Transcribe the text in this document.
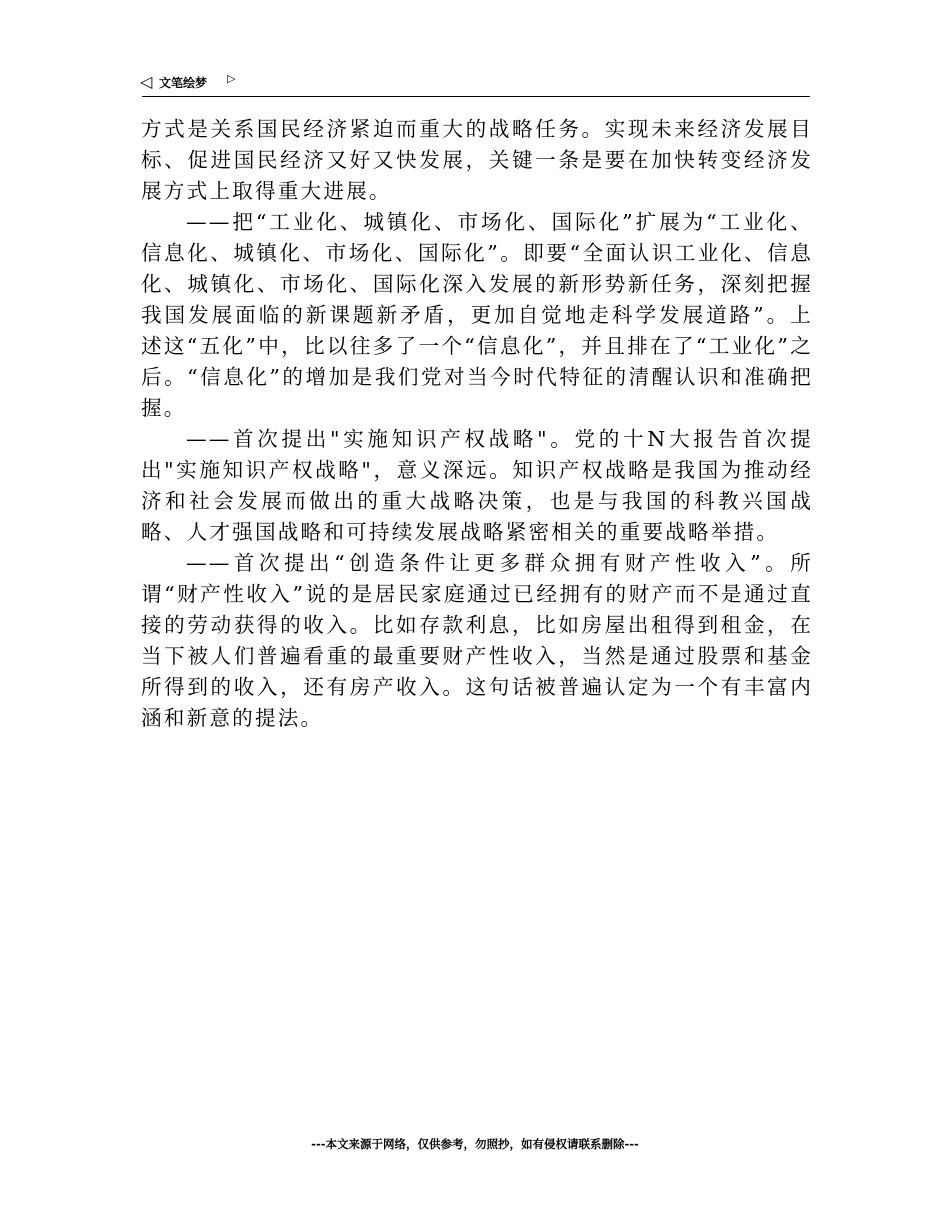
◁ 文笔绘梦 ▷

方式是关系国民经济紧迫而重大的战略任务。实现未来经济发展目标、促进国民经济又好又快发展，关键一条是要在加快转变经济发展方式上取得重大进展。

——把“工业化、城镇化、市场化、国际化”扩展为“工业化、信息化、城镇化、市场化、国际化”。即要“全面认识工业化、信息化、城镇化、市场化、国际化深入发展的新形势新任务，深刻把握我国发展面临的新课题新矛盾，更加自觉地走科学发展道路”。上述这“五化”中，比以往多了一个“信息化”，并且排在了“工业化”之后。“信息化”的增加是我们党对当今时代特征的清醒认识和准确把握。

——首次提出"实施知识产权战略"。党的十N大报告首次提出"实施知识产权战略"，意义深远。知识产权战略是我国为推动经济和社会发展而做出的重大战略决策，也是与我国的科教兴国战略、人才强国战略和可持续发展战略紧密相关的重要战略举措。

——首次提出“创造条件让更多群众拥有财产性收入”。所谓“财产性收入”说的是居民家庭通过已经拥有的财产而不是通过直接的劳动获得的收入。比如存款利息，比如房屋出租得到租金，在当下被人们普遍看重的最重要财产性收入，当然是通过股票和基金所得到的收入，还有房产收入。这句话被普遍认定为一个有丰富内涵和新意的提法。

---本文来源于网络，仅供参考，勿照抄，如有侵权请联系删除---
